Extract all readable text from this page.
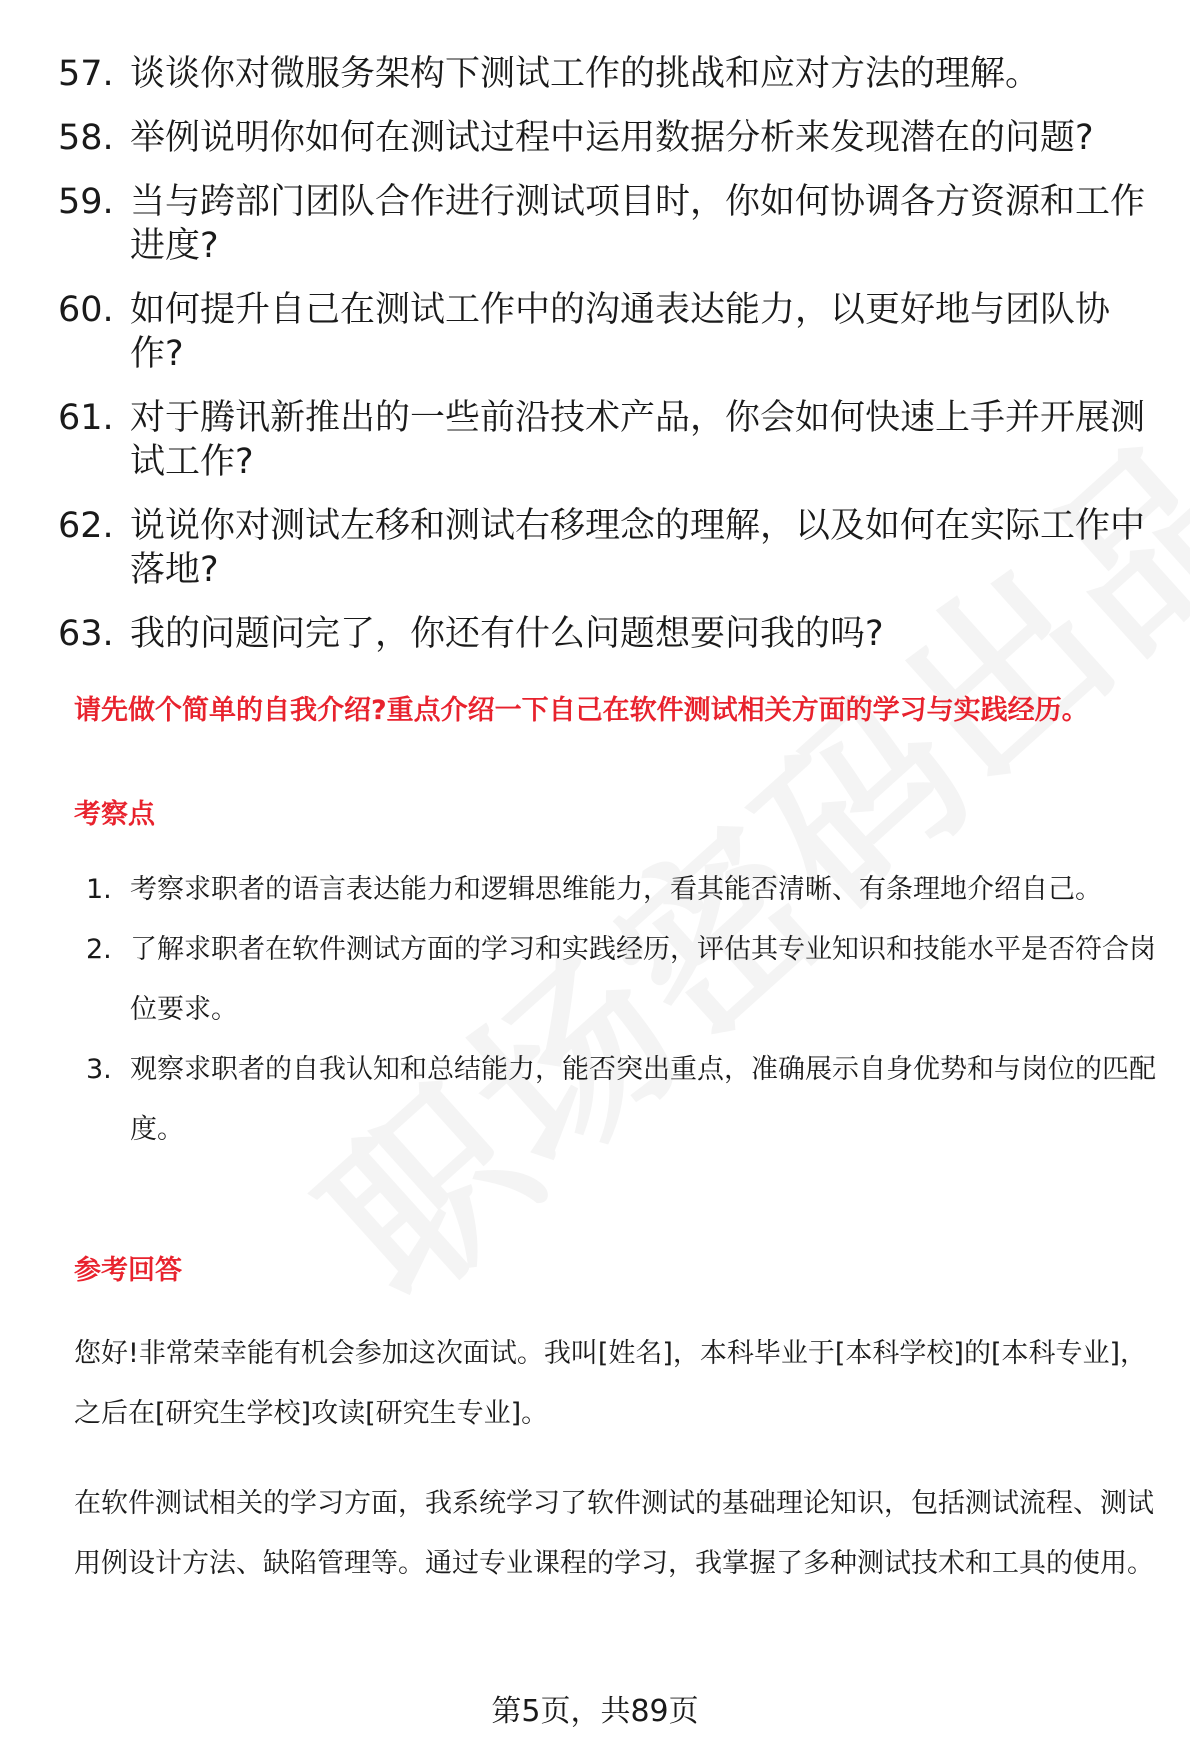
57. 谈谈你对微服务架构下测试工作的挑战和应对方法的理解。
58. 举例说明你如何在测试过程中运用数据分析来发现潜在的问题?
59. 当与跨部门团队合作进行测试项目时，你如何协调各方资源和工作进度?
60. 如何提升自己在测试工作中的沟通表达能力，以更好地与团队协作?
61. 对于腾讯新推出的一些前沿技术产品，你会如何快速上手并开展测试工作?
62. 说说你对测试左移和测试右移理念的理解，以及如何在实际工作中落地?
63. 我的问题问完了，你还有什么问题想要问我的吗?
请先做个简单的自我介绍?重点介绍一下自己在软件测试相关方面的学习与实践经历。
考察点
1. 考察求职者的语言表达能力和逻辑思维能力，看其能否清晰、有条理地介绍自己。
2. 了解求职者在软件测试方面的学习和实践经历，评估其专业知识和技能水平是否符合岗位要求。
3. 观察求职者的自我认知和总结能力，能否突出重点，准确展示自身优势和与岗位的匹配度。
参考回答
您好!非常荣幸能有机会参加这次面试。我叫[姓名]，本科毕业于[本科学校]的[本科专业]，之后在[研究生学校]攻读[研究生专业]。
在软件测试相关的学习方面，我系统学习了软件测试的基础理论知识，包括测试流程、测试用例设计方法、缺陷管理等。通过专业课程的学习，我掌握了多种测试技术和工具的使用。
第5页，共89页
